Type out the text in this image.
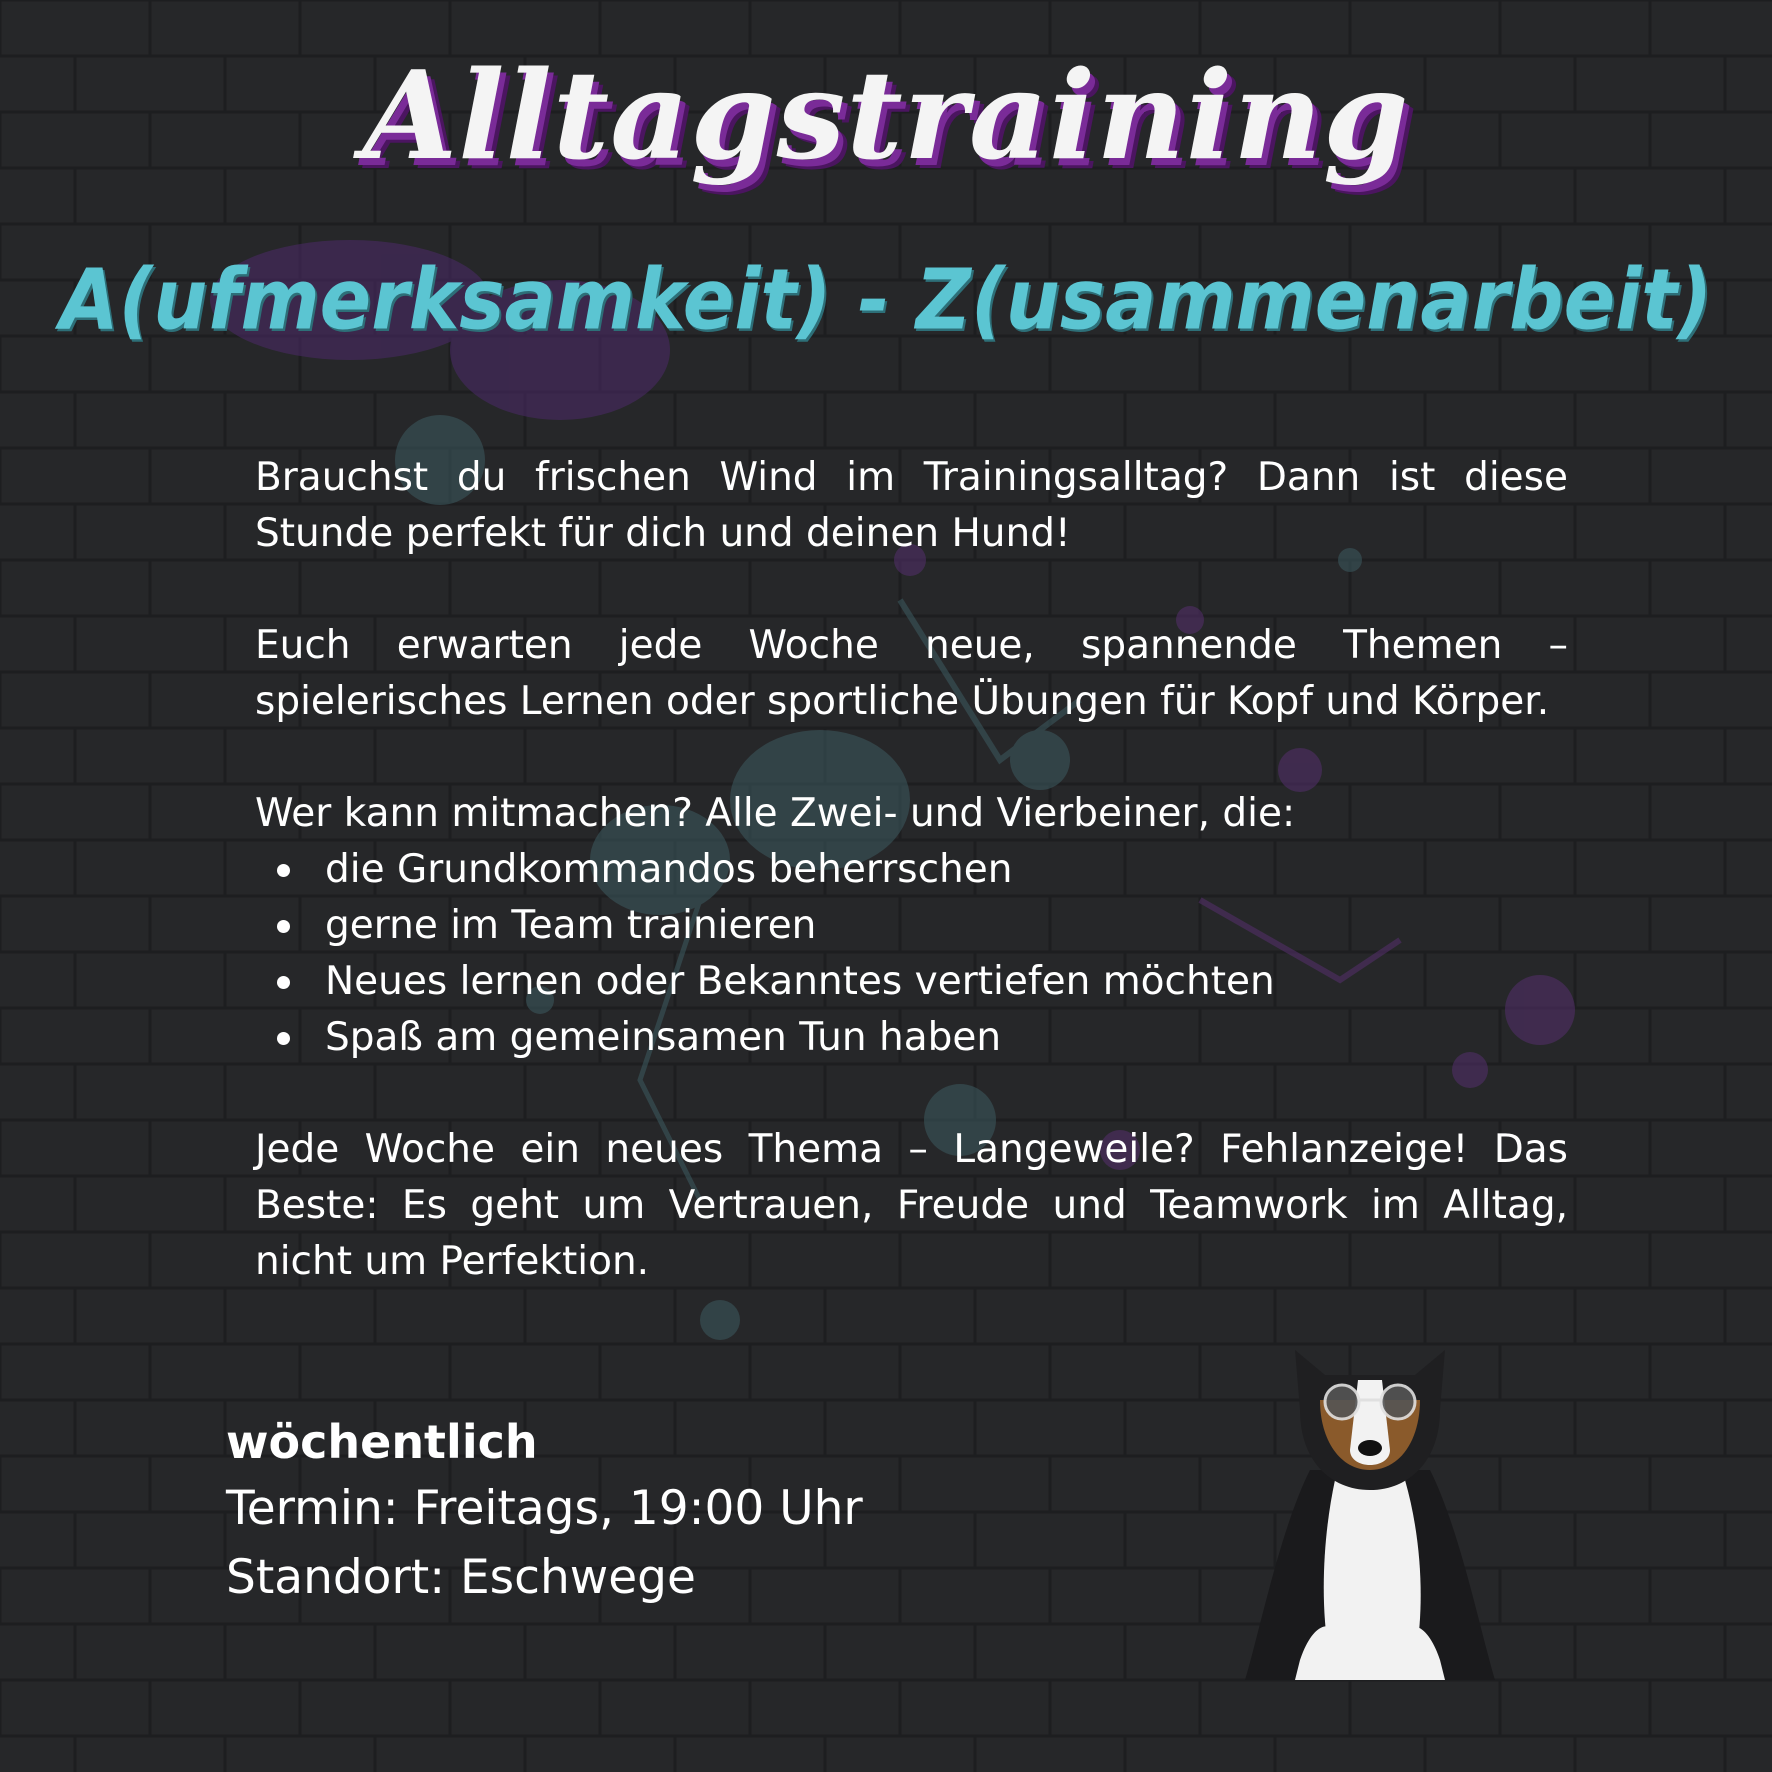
Alltagstraining
A(ufmerksamkeit) - Z(usammenarbeit)

Brauchst du frischen Wind im Trainingsalltag? Dann ist diese Stunde perfekt für dich und deinen Hund!

Euch erwarten jede Woche neue, spannende Themen – spielerisches Lernen oder sportliche Übungen für Kopf und Körper.

Wer kann mitmachen? Alle Zwei- und Vierbeiner, die:

die Grundkommandos beherrschen
gerne im Team trainieren
Neues lernen oder Bekanntes vertiefen möchten
Spaß am gemeinsamen Tun haben

Jede Woche ein neues Thema – Langeweile? Fehlanzeige! Das Beste: Es geht um Vertrauen, Freude und Teamwork im Alltag, nicht um Perfektion.

wöchentlich
Termin: Freitags, 19:00 Uhr
Standort: Eschwege
